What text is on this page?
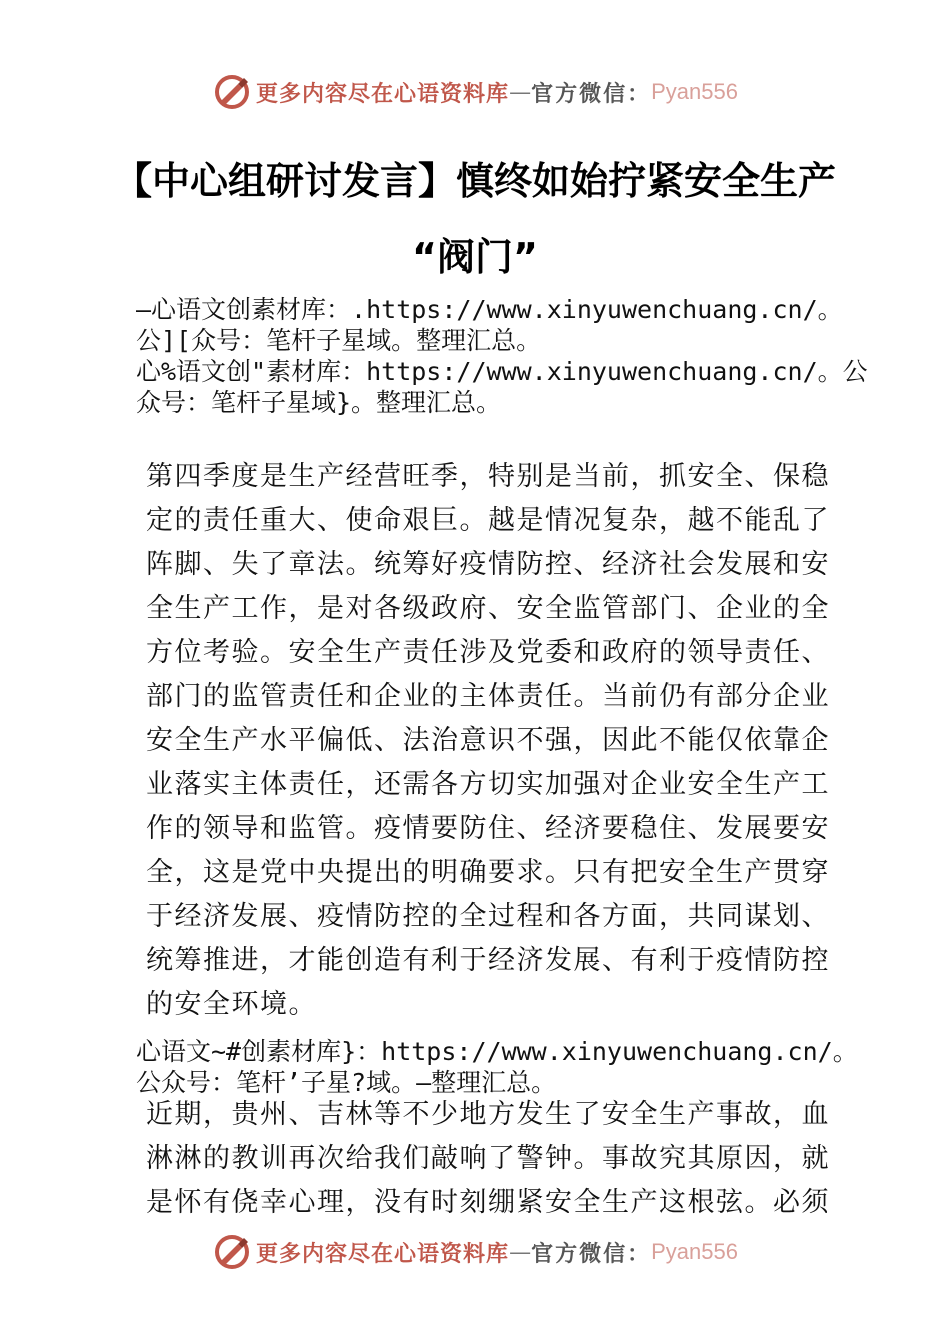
更多内容尽在心语资料库 — 官方微信： Pyan556
【中心组研讨发言】慎终如始拧紧安全生产
“阀门”
—心语文创素材库：.https://www.xinyuwenchuang.cn/。
公][众号：笔杆子星域。整理汇总。
心%语文创"素材库：https://www.xinyuwenchuang.cn/。公
众号：笔杆子星域}。整理汇总。

第四季度是生产经营旺季，特别是当前，抓安全、保稳

定的责任重大、使命艰巨。越是情况复杂，越不能乱了

阵脚、失了章法。统筹好疫情防控、经济社会发展和安

全生产工作，是对各级政府、安全监管部门、企业的全

方位考验。安全生产责任涉及党委和政府的领导责任、

部门的监管责任和企业的主体责任。当前仍有部分企业

安全生产水平偏低、法治意识不强，因此不能仅依靠企

业落实主体责任，还需各方切实加强对企业安全生产工

作的领导和监管。疫情要防住、经济要稳住、发展要安

全，这是党中央提出的明确要求。只有把安全生产贯穿

于经济发展、疫情防控的全过程和各方面，共同谋划、

统筹推进，才能创造有利于经济发展、有利于疫情防控

的安全环境。

心语文~#创素材库}：https://www.xinyuwenchuang.cn/。
公众号：笔杆’子星?域。—整理汇总。

近期，贵州、吉林等不少地方发生了安全生产事故，血

淋淋的教训再次给我们敲响了警钟。事故究其原因，就

是怀有侥幸心理，没有时刻绷紧安全生产这根弦。必须

更多内容尽在心语资料库 — 官方微信： Pyan556
